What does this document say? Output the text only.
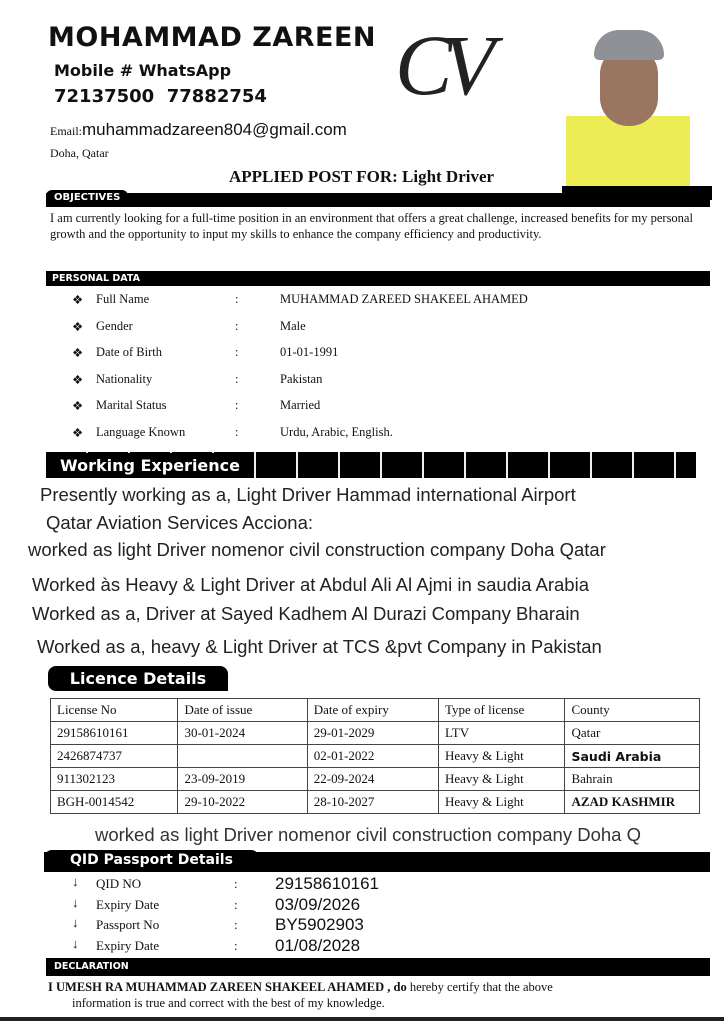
MOHAMMAD ZAREEN
Mobile # WhatsApp
72137500  77882754
Email:muhammadzareen804@gmail.com
Doha, Qatar
CV
APPLIED POST FOR: Light Driver
OBJECTIVES
I am currently looking for a full-time position in an environment that offers a great challenge, increased benefits for my personal growth and the opportunity to input my skills to enhance the company efficiency and productivity.
PERSONAL DATA
❖ Full Name	:	MUHAMMAD ZAREED SHAKEEL AHAMED
❖ Gender	:	Male
❖ Date of Birth	:	01-01-1991
❖ Nationality	:	Pakistan
❖ Marital Status	:	Married
❖ Language Known	:	Urdu, Arabic, English.
Working Experience
Presently working as a, Light Driver Hammad international Airport
Qatar Aviation Services Acciona:
worked as light Driver nomenor civil construction company Doha Qatar
Worked às Heavy & Light Driver at Abdul Ali Al Ajmi in saudia Arabia
Worked as a, Driver at Sayed Kadhem Al Durazi Company Bharain
Worked as a, heavy & Light Driver at TCS &pvt Company in Pakistan
Licence Details
License No	Date of issue	Date of expiry	Type of license	County
29158610161	30-01-2024	29-01-2029	LTV	Qatar
2426874737		02-01-2022	Heavy & Light	Saudi Arabia
911302123	23-09-2019	22-09-2024	Heavy & Light	Bahrain
BGH-0014542	29-10-2022	28-10-2027	Heavy & Light	AZAD KASHMIR
worked as light Driver nomenor civil construction company Doha Q
QID Passport Details
↓ QID NO	: 29158610161
↓ Expiry Date	: 03/09/2026
↓ Passport No	: BY5902903
↓ Expiry Date	: 01/08/2028
DECLARATION
I UMESH RA MUHAMMAD ZAREEN SHAKEEL AHAMED , do hereby certify that the above
information is true and correct with the best of my knowledge.
